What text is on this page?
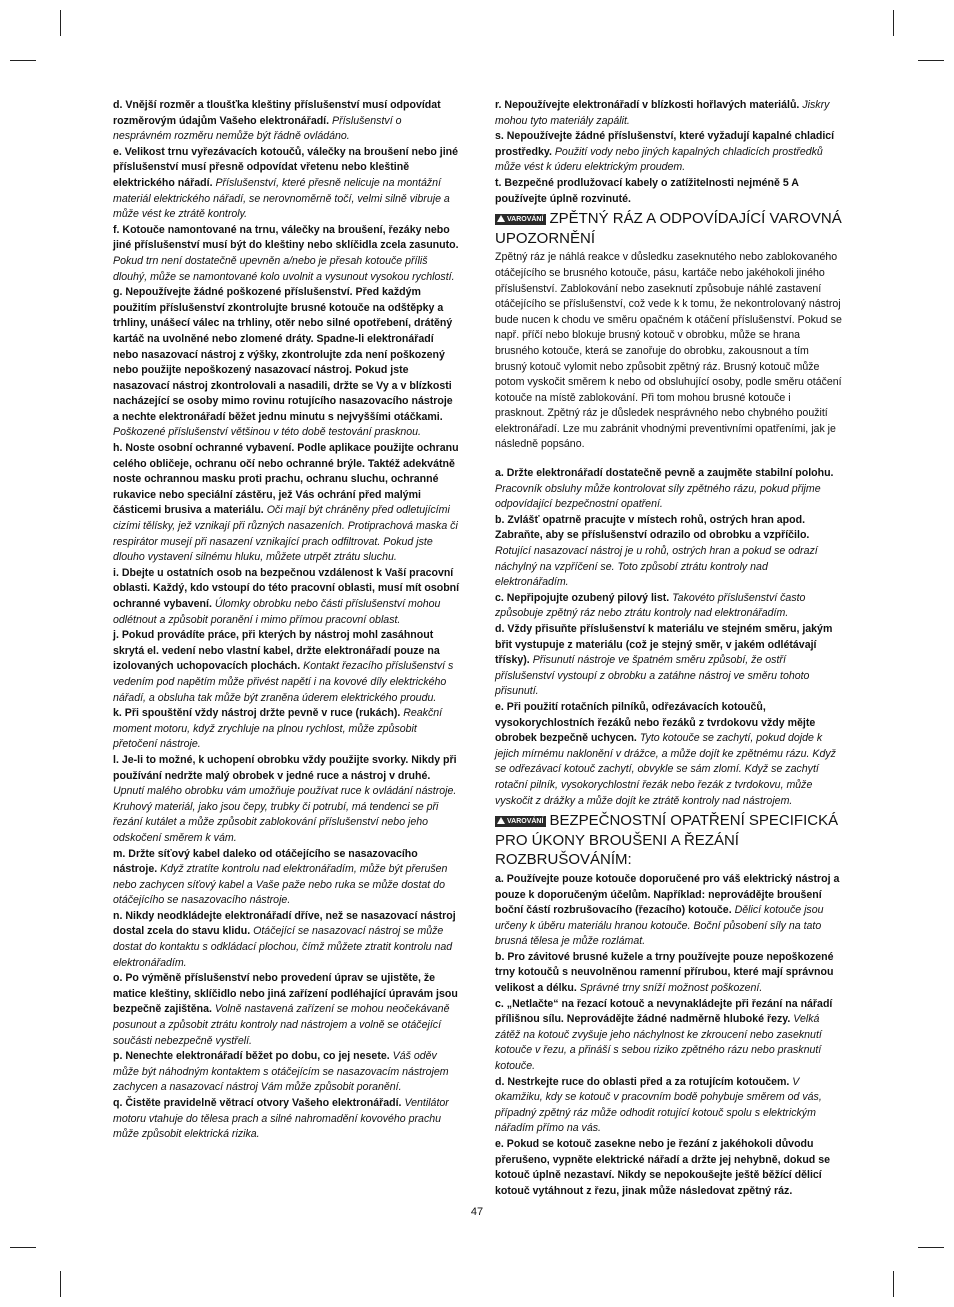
d. Vnější rozměr a tloušťka kleštiny příslušenství musí odpovídat rozměrovým údajům Vašeho elektronářadí. Příslušenství o nesprávném rozměru nemůže být řádně ovládáno.

e. Velikost trnu vyřezávacích kotoučů, válečky na broušení nebo jiné příslušenství musí přesně odpovídat vřetenu nebo kleštině elektrického nářadí. Příslušenství, které přesně nelicuje na montážní materiál elektrického nářadí, se nerovnoměrně točí, velmi silně vibruje a může vést ke ztrátě kontroly.

f. Kotouče namontované na trnu, válečky na broušení, řezáky nebo jiné příslušenství musí být do kleštiny nebo sklíčidla zcela zasunuto. Pokud trn není dostatečně upevněn a/nebo je přesah kotouče příliš dlouhý, může se namontované kolo uvolnit a vysunout vysokou rychlostí.

g. Nepoužívejte žádné poškozené příslušenství. Před každým použitím příslušenství zkontrolujte brusné kotouče na odštěpky a trhliny, unášecí válec na trhliny, otěr nebo silné opotřebení, drátěný kartáč na uvolněné nebo zlomené dráty. Spadne-li elektronářadí nebo nasazovací nástroj z výšky, zkontrolujte zda není poškozený nebo použijte nepoškozený nasazovací nástroj. Pokud jste nasazovací nástroj zkontrolovali a nasadili, držte se Vy a v blízkosti nacházející se osoby mimo rovinu rotujícího nasazovacího nástroje a nechte elektronářadí běžet jednu minutu s nejvyššími otáčkami. Poškozené příslušenství většinou v této době testování prasknou.

h. Noste osobní ochranné vybavení. Podle aplikace použijte ochranu celého obličeje, ochranu očí nebo ochranné brýle. Taktéž adekvátně noste ochrannou masku proti prachu, ochranu sluchu, ochranné rukavice nebo speciální zástěru, jež Vás ochrání před malými částicemi brusiva a materiálu. Oči mají být chráněny před odletujícími cizími tělísky, jež vznikají při různých nasazeních. Protiprachová maska či respirátor musejí při nasazení vznikající prach odfiltrovat. Pokud jste dlouho vystavení silnému hluku, můžete utrpět ztrátu sluchu.

i. Dbejte u ostatních osob na bezpečnou vzdálenost k Vaší pracovní oblasti. Každý, kdo vstoupí do této pracovní oblasti, musí mít osobní ochranné vybavení. Úlomky obrobku nebo části příslušenství mohou odlétnout a způsobit poranění i mimo přímou pracovní oblast.

j. Pokud provádíte práce, při kterých by nástroj mohl zasáhnout skrytá el. vedení nebo vlastní kabel, držte elektronářadí pouze na izolovaných uchopovacích plochách. Kontakt řezacího příslušenství s vedením pod napětím může přivést napětí i na kovové díly elektrického nářadí, a obsluha tak může být zraněna úderem elektrického proudu.

k. Při spouštění vždy nástroj držte pevně v ruce (rukách). Reakční moment motoru, když zrychluje na plnou rychlost, může způsobit přetočení nástroje.

l. Je-li to možné, k uchopení obrobku vždy použijte svorky. Nikdy při používání nedržte malý obrobek v jedné ruce a nástroj v druhé. Upnutí malého obrobku vám umožňuje používat ruce k ovládání nástroje. Kruhový materiál, jako jsou čepy, trubky či potrubí, má tendenci se při řezání kutálet a může způsobit zablokování příslušenství nebo jeho odskočení směrem k vám.

m. Držte síťový kabel daleko od otáčejícího se nasazovacího nástroje. Když ztratíte kontrolu nad elektronářadím, může být přerušen nebo zachycen síťový kabel a Vaše paže nebo ruka se může dostat do otáčejícího se nasazovacího nástroje.

n. Nikdy neodkládejte elektronářadí dříve, než se nasazovací nástroj dostal zcela do stavu klidu. Otáčející se nasazovací nástroj se může dostat do kontaktu s odkládací plochou, čímž můžete ztratit kontrolu nad elektronářadím.

o. Po výměně příslušenství nebo provedení úprav se ujistěte, že matice kleštiny, sklíčidlo nebo jiná zařízení podléhající úpravám jsou bezpečně zajištěna. Volně nastavená zařízení se mohou neočekávaně posunout a způsobit ztrátu kontroly nad nástrojem a volně se otáčející součásti nebezpečně vystřelí.

p. Nenechte elektronářadí běžet po dobu, co jej nesete. Váš oděv může být náhodným kontaktem s otáčejícím se nasazovacím nástrojem zachycen a nasazovací nástroj Vám může způsobit poranění.

q. Čistěte pravidelně větrací otvory Vašeho elektronářadí. Ventilátor motoru vtahuje do tělesa prach a silné nahromadění kovového prachu může způsobit elektrická rizika.

r. Nepoužívejte elektronářadí v blízkosti hořlavých materiálů. Jiskry mohou tyto materiály zapálit.

s. Nepoužívejte žádné příslušenství, které vyžadují kapalné chladicí prostředky. Použití vody nebo jiných kapalných chladicích prostředků může vést k úderu elektrickým proudem.

t. Bezpečné prodlužovací kabely o zatížitelnosti nejméně 5 A používejte úplně rozvinuté.

VAROVÁNÍ ZPĚTNÝ RÁZ A ODPOVÍDAJÍCÍ VAROVNÁ UPOZORNĚNÍ

Zpětný ráz je náhlá reakce v důsledku zaseknutého nebo zablokovaného otáčejícího se brusného kotouče, pásu, kartáče nebo jakéhokoli jiného příslušenství. Zablokování nebo zaseknutí způsobuje náhlé zastavení otáčejícího se příslušenství, což vede k k tomu, že nekontrolovaný nástroj bude nucen k chodu ve směru opačném k otáčení příslušenství. Pokud se např. příčí nebo blokuje brusný kotouč v obrobku, může se hrana brusného kotouče, která se zanořuje do obrobku, zakousnout a tím brusný kotouč vylomit nebo způsobit zpětný ráz. Brusný kotouč může potom vyskočit směrem k nebo od obsluhující osoby, podle směru otáčení kotouče na místě zablokování. Při tom mohou brusné kotouče i prasknout. Zpětný ráz je důsledek nesprávného nebo chybného použití elektronářadí. Lze mu zabránit vhodnými preventivními opatřeními, jak je následně popsáno.

a. Držte elektronářadí dostatečně pevně a zaujměte stabilní polohu. Pracovník obsluhy může kontrolovat síly zpětného rázu, pokud přijme odpovídající bezpečnostní opatření.

b. Zvlášť opatrně pracujte v místech rohů, ostrých hran apod. Zabraňte, aby se příslušenství odrazilo od obrobku a vzpříčilo. Rotující nasazovací nástroj je u rohů, ostrých hran a pokud se odrazí náchylný na vzpříčení se. Toto způsobí ztrátu kontroly nad elektronářadím.

c. Nepřipojujte ozubený pilový list. Takovéto příslušenství často způsobuje zpětný ráz nebo ztrátu kontroly nad elektronářadím.

d. Vždy přisuňte příslušenství k materiálu ve stejném směru, jakým břit vystupuje z materiálu (což je stejný směr, v jakém odlétávají třísky). Přisunutí nástroje ve špatném směru způsobí, že ostří příslušenství vystoupí z obrobku a zatáhne nástroj ve směru tohoto přisunutí.

e. Při použití rotačních pilníků, odřezávacích kotoučů, vysokorychlostních řezáků nebo řezáků z tvrdokovu vždy mějte obrobek bezpečně uchycen. Tyto kotouče se zachytí, pokud dojde k jejich mírnému naklonění v drážce, a může dojít ke zpětnému rázu. Když se odřezávací kotouč zachytí, obvykle se sám zlomí. Když se zachytí rotační pilník, vysokorychlostní řezák nebo řezák z tvrdokovu, může vyskočit z drážky a může dojít ke ztrátě kontroly nad nástrojem.

VAROVÁNÍ BEZPEČNOSTNÍ OPATŘENÍ SPECIFICKÁ PRO ÚKONY BROUŠENI A ŘEZÁNÍ ROZBRUŠOVÁNÍM:

a. Používejte pouze kotouče doporučené pro váš elektrický nástroj a pouze k doporučeným účelům. Například: neprovádějte broušení boční částí rozbrušovacího (řezacího) kotouče. Dělicí kotouče jsou určeny k úběru materiálu hranou kotouče. Boční působení síly na tato brusná tělesa je může rozlámat.

b. Pro závitové brusné kužele a trny používejte pouze nepoškozené trny kotoučů s neuvolněnou ramenní přírubou, které mají správnou velikost a délku. Správné trny sníží možnost poškození.

c. „Netlačte“ na řezací kotouč a nevynakládejte při řezání na nářadí přílišnou sílu. Neprovádějte žádné nadměrně hluboké řezy. Velká zátěž na kotouč zvyšuje jeho náchylnost ke zkroucení nebo zaseknutí kotouče v řezu, a přináší s sebou riziko zpětného rázu nebo prasknutí kotouče.

d. Nestrkejte ruce do oblasti před a za rotujícím kotoučem. V okamžiku, kdy se kotouč v pracovním bodě pohybuje směrem od vás, případný zpětný ráz může odhodit rotující kotouč spolu s elektrickým nářadím přímo na vás.

e. Pokud se kotouč zasekne nebo je řezání z jakéhokoli důvodu přerušeno, vypněte elektrické nářadí a držte jej nehybně, dokud se kotouč úplně nezastaví. Nikdy se nepokoušejte ještě běžící dělicí kotouč vytáhnout z řezu, jinak může následovat zpětný ráz.

47
